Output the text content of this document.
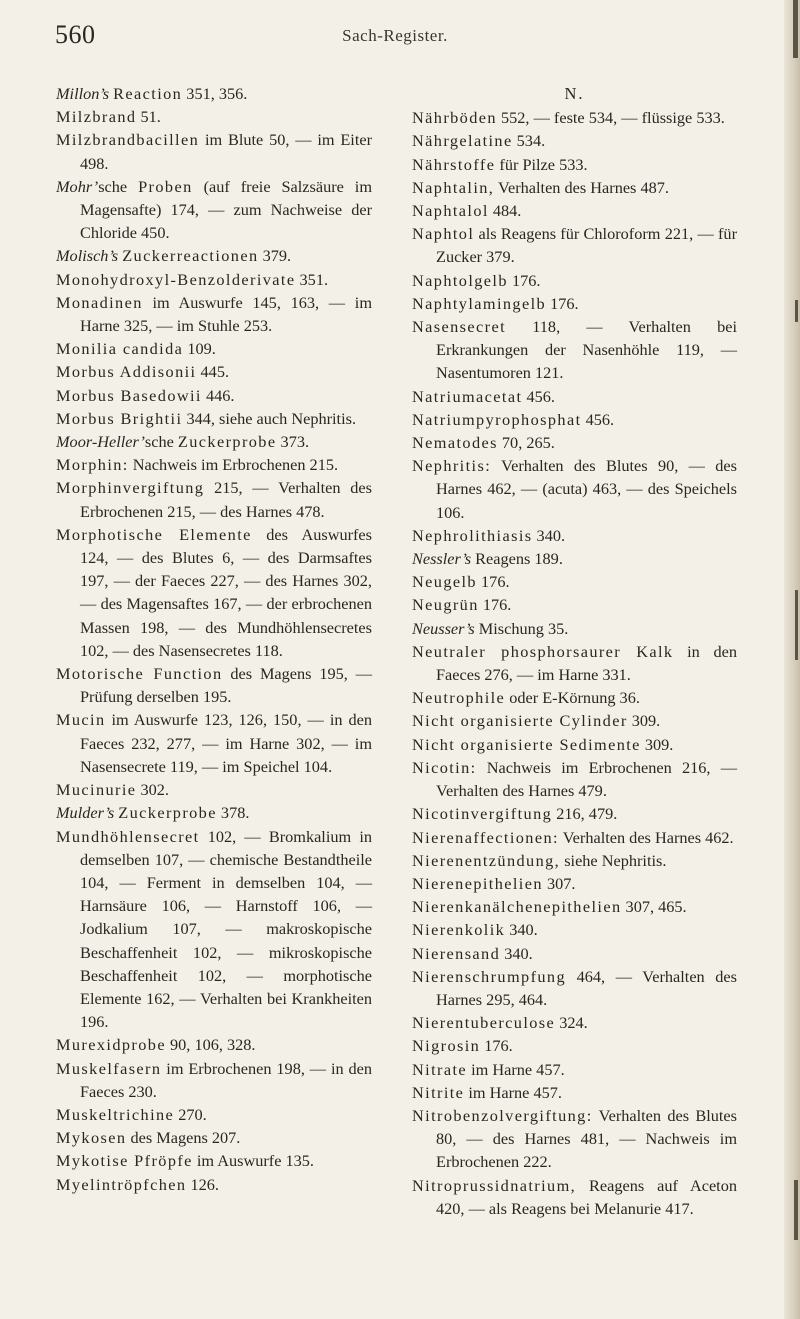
560	Sach-Register.
Millon’s Reaction 351, 356.
Milzbrand 51.
Milzbrandbacillen im Blute 50, — im Eiter 498.
Mohr’sche Proben (auf freie Salzsäure im Magensafte) 174, — zum Nachweise der Chloride 450.
Molisch’s Zuckerreactionen 379.
Monohydroxyl-Benzolderivate 351.
Monadinen im Auswurfe 145, 163, — im Harne 325, — im Stuhle 253.
Monilia candida 109.
Morbus Addisonii 445.
Morbus Basedowii 446.
Morbus Brightii 344, siehe auch Nephritis.
Moor-Heller’sche Zuckerprobe 373.
Morphin: Nachweis im Erbrochenen 215.
Morphinvergiftung 215, — Verhalten des Erbrochenen 215, — des Harnes 478.
Morphotische Elemente des Auswurfes 124, — des Blutes 6, — des Darmsaftes 197, — der Faeces 227, — des Harnes 302, — des Magensaftes 167, — der erbrochenen Massen 198, — des Mundhöhlensecretes 102, — des Nasensecretes 118.
Motorische Function des Magens 195, — Prüfung derselben 195.
Mucin im Auswurfe 123, 126, 150, — in den Faeces 232, 277, — im Harne 302, — im Nasensecrete 119, — im Speichel 104.
Mucinurie 302.
Mulder’s Zuckerprobe 378.
Mundhöhlensecret 102, — Bromkalium in demselben 107, — chemische Bestandtheile 104, — Ferment in demselben 104, — Harnsäure 106, — Harnstoff 106, — Jodkalium 107, — makroskopische Beschaffenheit 102, — mikroskopische Beschaffenheit 102, — morphotische Elemente 162, — Verhalten bei Krankheiten 196.
Murexidprobe 90, 106, 328.
Muskelfasern im Erbrochenen 198, — in den Faeces 230.
Muskeltrichine 270.
Mykosen des Magens 207.
Mykotise Pfröpfe im Auswurfe 135.
Myelintröpfchen 126.
N.
Nährböden 552, — feste 534, — flüssige 533.
Nährgelatine 534.
Nährstoffe für Pilze 533.
Naphtalin, Verhalten des Harnes 487.
Naphtalol 484.
Naphtol als Reagens für Chloroform 221, — für Zucker 379.
Naphtolgelb 176.
Naphtylamingelb 176.
Nasensecret 118, — Verhalten bei Erkrankungen der Nasenhöhle 119, — Nasentumoren 121.
Natriumacetat 456.
Natriumpyrophosphat 456.
Nematodes 70, 265.
Nephritis: Verhalten des Blutes 90, — des Harnes 462, — (acuta) 463, — des Speichels 106.
Nephrolithiasis 340.
Nessler’s Reagens 189.
Neugelb 176.
Neugrün 176.
Neusser’s Mischung 35.
Neutraler phosphorsaurer Kalk in den Faeces 276, — im Harne 331.
Neutrophile oder E-Körnung 36.
Nicht organisierte Cylinder 309.
Nicht organisierte Sedimente 309.
Nicotin: Nachweis im Erbrochenen 216, — Verhalten des Harnes 479.
Nicotinvergiftung 216, 479.
Nierenaffectionen: Verhalten des Harnes 462.
Nierenentzündung, siehe Nephritis.
Nierenepithelien 307.
Nierenkanälchenepithelien 307, 465.
Nierenkolik 340.
Nierensand 340.
Nierenschrumpfung 464, — Verhalten des Harnes 295, 464.
Nierentuberculose 324.
Nigrosin 176.
Nitrate im Harne 457.
Nitrite im Harne 457.
Nitrobenzolvergiftung: Verhalten des Blutes 80, — des Harnes 481, — Nachweis im Erbrochenen 222.
Nitroprussidnatrium, Reagens auf Aceton 420, — als Reagens bei Melanurie 417.
